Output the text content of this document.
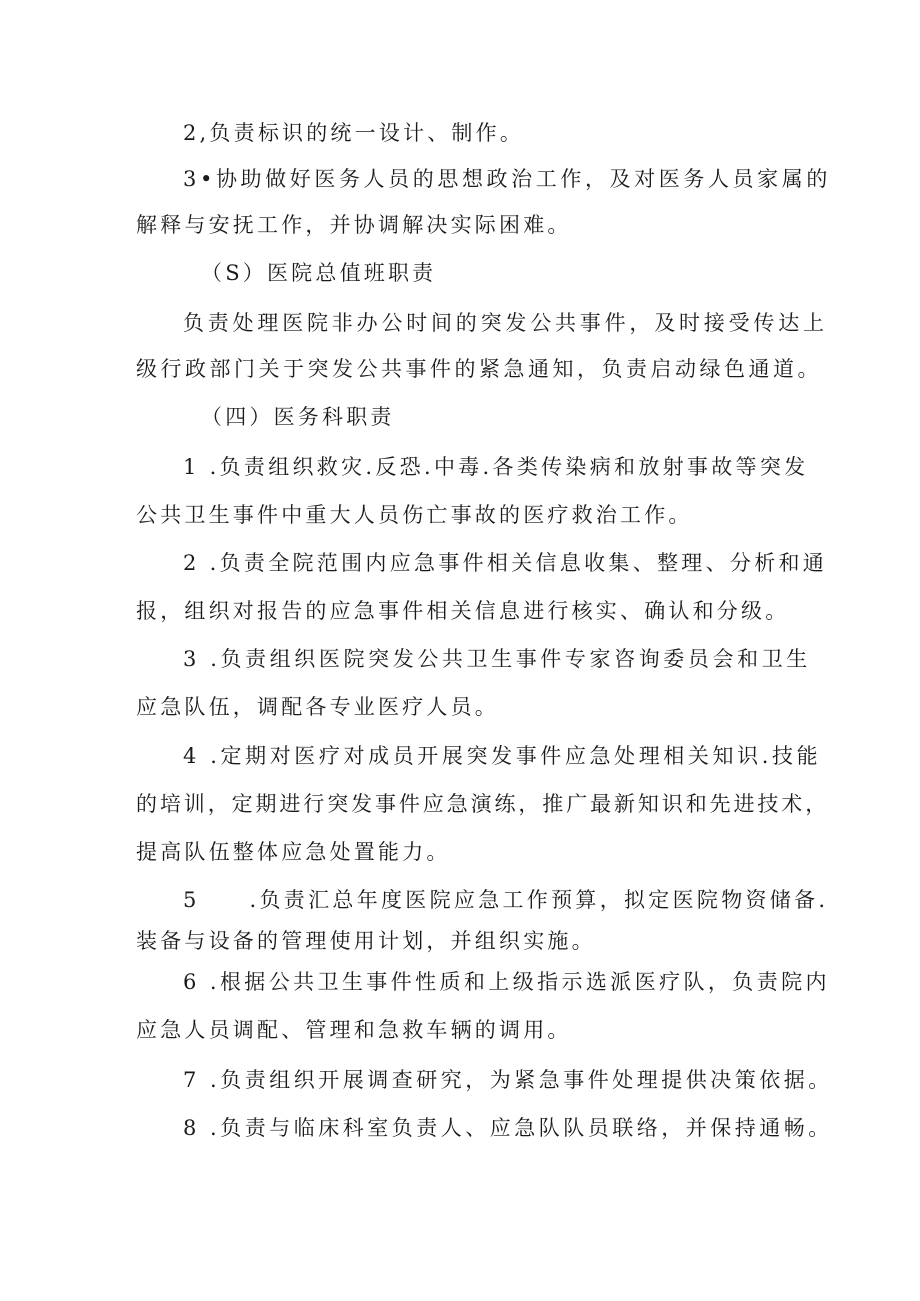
2,负责标识的统一设计、制作。
3•协助做好医务人员的思想政治工作，及对医务人员家属的
解释与安抚工作，并协调解决实际困难。
（S）医院总值班职责
负责处理医院非办公时间的突发公共事件，及时接受传达上
级行政部门关于突发公共事件的紧急通知，负责启动绿色通道。
（四）医务科职责
1 .负责组织救灾.反恐.中毒.各类传染病和放射事故等突发
公共卫生事件中重大人员伤亡事故的医疗救治工作。
2 .负责全院范围内应急事件相关信息收集、整理、分析和通
报，组织对报告的应急事件相关信息进行核实、确认和分级。
3 .负责组织医院突发公共卫生事件专家咨询委员会和卫生
应急队伍，调配各专业医疗人员。
4 .定期对医疗对成员开展突发事件应急处理相关知识.技能
的培训，定期进行突发事件应急演练，推广最新知识和先进技术，
提高队伍整体应急处置能力。
5     .负责汇总年度医院应急工作预算，拟定医院物资储备.
装备与设备的管理使用计划，并组织实施。
6 .根据公共卫生事件性质和上级指示选派医疗队，负责院内
应急人员调配、管理和急救车辆的调用。
7 .负责组织开展调查研究，为紧急事件处理提供决策依据。
8 .负责与临床科室负责人、应急队队员联络，并保持通畅。
